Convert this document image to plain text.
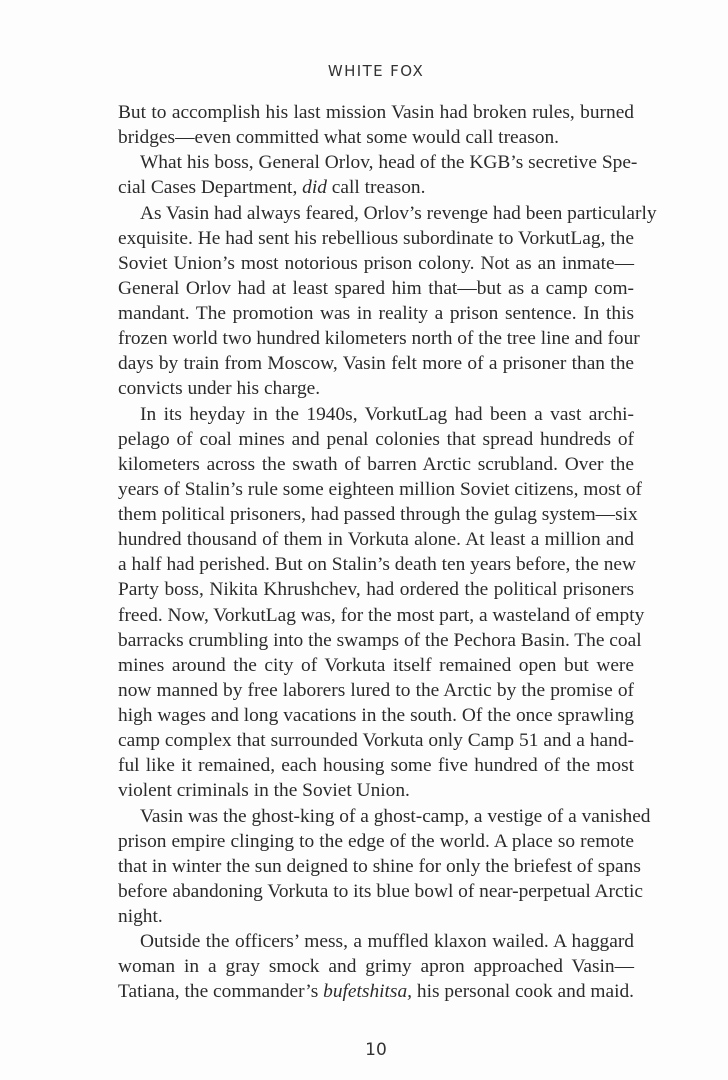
WHITE FOX
But to accomplish his last mission Vasin had broken rules, burned
bridges—even committed what some would call treason.
What his boss, General Orlov, head of the KGB’s secretive Spe-
cial Cases Department, did call treason.
As Vasin had always feared, Orlov’s revenge had been particularly
exquisite. He had sent his rebellious subordinate to VorkutLag, the
Soviet Union’s most notorious prison colony. Not as an inmate—
General Orlov had at least spared him that—but as a camp com-
mandant. The promotion was in reality a prison sentence. In this
frozen world two hundred kilometers north of the tree line and four
days by train from Moscow, Vasin felt more of a prisoner than the
convicts under his charge.
In its heyday in the 1940s, VorkutLag had been a vast archi-
pelago of coal mines and penal colonies that spread hundreds of
kilometers across the swath of barren Arctic scrubland. Over the
years of Stalin’s rule some eighteen million Soviet citizens, most of
them political prisoners, had passed through the gulag system—six
hundred thousand of them in Vorkuta alone. At least a million and
a half had perished. But on Stalin’s death ten years before, the new
Party boss, Nikita Khrushchev, had ordered the political prisoners
freed. Now, VorkutLag was, for the most part, a wasteland of empty
barracks crumbling into the swamps of the Pechora Basin. The coal
mines around the city of Vorkuta itself remained open but were
now manned by free laborers lured to the Arctic by the promise of
high wages and long vacations in the south. Of the once sprawling
camp complex that surrounded Vorkuta only Camp 51 and a hand-
ful like it remained, each housing some five hundred of the most
violent criminals in the Soviet Union.
Vasin was the ghost-king of a ghost-camp, a vestige of a vanished
prison empire clinging to the edge of the world. A place so remote
that in winter the sun deigned to shine for only the briefest of spans
before abandoning Vorkuta to its blue bowl of near-perpetual Arctic
night.
Outside the officers’ mess, a muffled klaxon wailed. A haggard
woman in a gray smock and grimy apron approached Vasin—
Tatiana, the commander’s bufetshitsa, his personal cook and maid.
10
